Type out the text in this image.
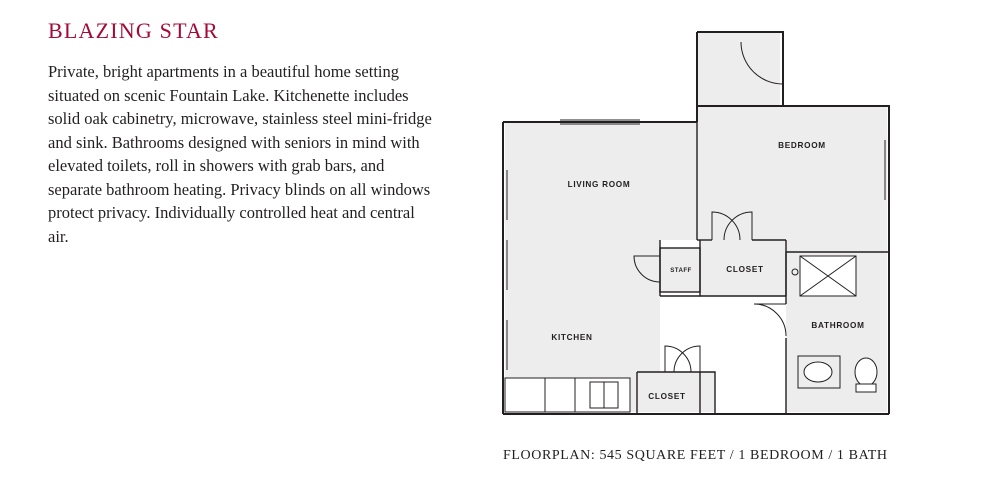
BLAZING STAR

Private, bright apartments in a beautiful home setting situated on scenic Fountain Lake. Kitchenette includes solid oak cabinetry, microwave, stainless steel mini-fridge and sink. Bathrooms designed with seniors in mind with elevated toilets, roll in showers with grab bars, and separate bathroom heating. Privacy blinds on all windows protect privacy. Individually controlled heat and central air.

FLOORPLAN: 545 SQUARE FEET / 1 BEDROOM / 1 BATH
BEDROOM
LIVING ROOM
KITCHEN
CLOSET
CLOSET
BATHROOM
STAFF
